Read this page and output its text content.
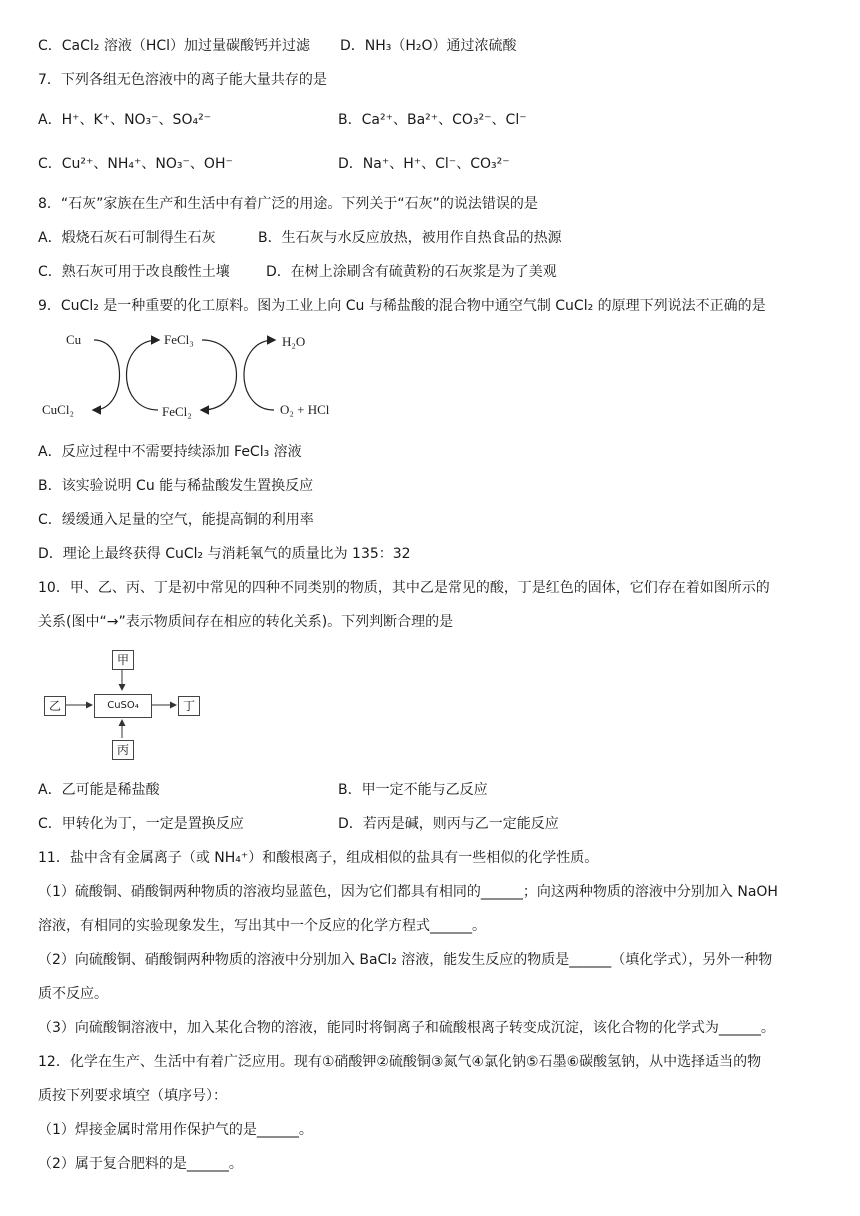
C．CaCl₂ 溶液（HCl）加过量碳酸钙并过滤 D．NH₃（H₂O）通过浓硫酸
7．下列各组无色溶液中的离子能大量共存的是
A．H⁺、K⁺、NO₃⁻、SO₄²⁻	B．Ca²⁺、Ba²⁺、CO₃²⁻、Cl⁻
C．Cu²⁺、NH₄⁺、NO₃⁻、OH⁻	D．Na⁺、H⁺、Cl⁻、CO₃²⁻
8．“石灰”家族在生产和生活中有着广泛的用途。下列关于“石灰”的说法错误的是
A．煅烧石灰石可制得生石灰	B．生石灰与水反应放热，被用作自热食品的热源
C．熟石灰可用于改良酸性土壤	D．在树上涂刷含有硫黄粉的石灰浆是为了美观
9．CuCl₂ 是一种重要的化工原料。图为工业上向 Cu 与稀盐酸的混合物中通空气制 CuCl₂ 的原理下列说法不正确的是
Cu	FeCl₃	H₂O
CuCl₂	FeCl₂	O₂ + HCl
A．反应过程中不需要持续添加 FeCl₃ 溶液
B．该实验说明 Cu 能与稀盐酸发生置换反应
C．缓缓通入足量的空气，能提高铜的利用率
D．理论上最终获得 CuCl₂ 与消耗氧气的质量比为 135：32
10．甲、乙、丙、丁是初中常见的四种不同类别的物质，其中乙是常见的酸，丁是红色的固体，它们存在着如图所示的
关系(图中“→”表示物质间存在相应的转化关系)。下列判断合理的是
甲
乙	CuSO₄	丁
丙
A．乙可能是稀盐酸	B．甲一定不能与乙反应
C．甲转化为丁，一定是置换反应	D．若丙是碱，则丙与乙一定能反应
11．盐中含有金属离子（或 NH₄⁺）和酸根离子，组成相似的盐具有一些相似的化学性质。
（1）硫酸铜、硝酸铜两种物质的溶液均显蓝色，因为它们都具有相同的______；向这两种物质的溶液中分别加入 NaOH
溶液，有相同的实验现象发生，写出其中一个反应的化学方程式______。
（2）向硫酸铜、硝酸铜两种物质的溶液中分别加入 BaCl₂ 溶液，能发生反应的物质是______（填化学式），另外一种物
质不反应。
（3）向硫酸铜溶液中，加入某化合物的溶液，能同时将铜离子和硫酸根离子转变成沉淀，该化合物的化学式为______。
12．化学在生产、生活中有着广泛应用。现有①硝酸钾②硫酸铜③氮气④氯化钠⑤石墨⑥碳酸氢钠，从中选择适当的物
质按下列要求填空（填序号）：
（1）焊接金属时常用作保护气的是______。
（2）属于复合肥料的是______。
